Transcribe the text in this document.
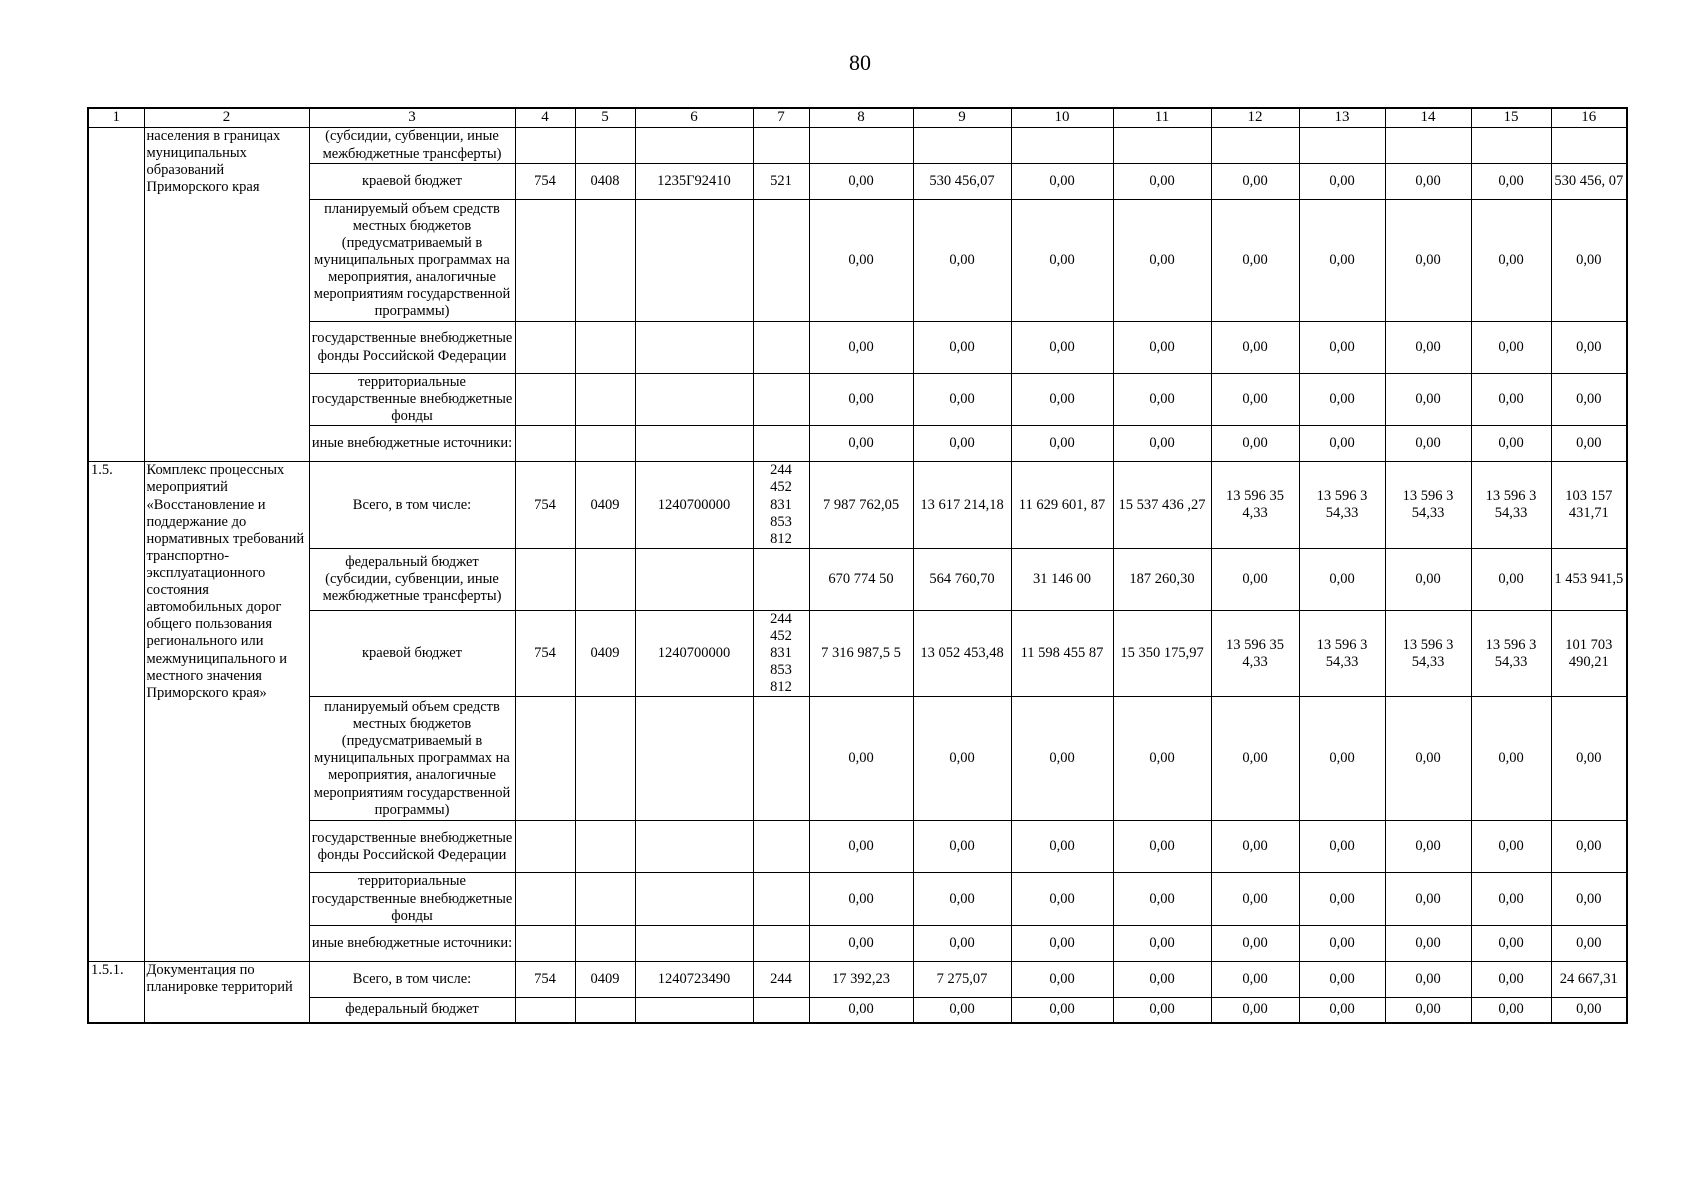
80
1	2	3	4	5	6	7	8	9	10	11	12	13	14	15	16
	населения в границах муниципальных образований Приморского края	(субсидии, субвенции, иные межбюджетные трансферты)													
		краевой бюджет	754	0408	1235Г92410	521	0,00	530 456,07	0,00	0,00	0,00	0,00	0,00	0,00	530 456, 07
		планируемый объем средств местных бюджетов (предусматриваемый в муниципальных программах на мероприятия, аналогичные мероприятиям государственной программы)					0,00	0,00	0,00	0,00	0,00	0,00	0,00	0,00	0,00
		государственные внебюджетные фонды Российской Федерации					0,00	0,00	0,00	0,00	0,00	0,00	0,00	0,00	0,00
		территориальные государственные внебюджетные фонды					0,00	0,00	0,00	0,00	0,00	0,00	0,00	0,00	0,00
		иные внебюджетные источники:					0,00	0,00	0,00	0,00	0,00	0,00	0,00	0,00	0,00
1.5.	Комплекс процессных мероприятий «Восстановление и поддержание до нормативных требований транспортно-эксплуатационного состояния автомобильных дорог общего пользования регионального или межмуниципального и местного значения Приморского края»	Всего, в том числе:	754	0409	1240700000	244 452 831 853 812	7 987 762,05	13 617 214,18	11 629 601, 87	15 537 436 ,27	13 596 35 4,33	13 596 3 54,33	13 596 3 54,33	13 596 3 54,33	103 157 431,71
		федеральный бюджет (субсидии, субвенции, иные межбюджетные трансферты)					670 774 50	564 760,70	31 146 00	187 260,30	0,00	0,00	0,00	0,00	1 453 941,5
		краевой бюджет	754	0409	1240700000	244 452 831 853 812	7 316 987,5 5	13 052 453,48	11 598 455 87	15 350 175,97	13 596 35 4,33	13 596 3 54,33	13 596 3 54,33	13 596 3 54,33	101 703 490,21
		планируемый объем средств местных бюджетов (предусматриваемый в муниципальных программах на мероприятия, аналогичные мероприятиям государственной программы)					0,00	0,00	0,00	0,00	0,00	0,00	0,00	0,00	0,00
		государственные внебюджетные фонды Российской Федерации					0,00	0,00	0,00	0,00	0,00	0,00	0,00	0,00	0,00
		территориальные государственные внебюджетные фонды					0,00	0,00	0,00	0,00	0,00	0,00	0,00	0,00	0,00
		иные внебюджетные источники:					0,00	0,00	0,00	0,00	0,00	0,00	0,00	0,00	0,00
1.5.1.	Документация по планировке территорий	Всего, в том числе:	754	0409	1240723490	244	17 392,23	7 275,07	0,00	0,00	0,00	0,00	0,00	0,00	24 667,31
		федеральный бюджет					0,00	0,00	0,00	0,00	0,00	0,00	0,00	0,00	0,00
